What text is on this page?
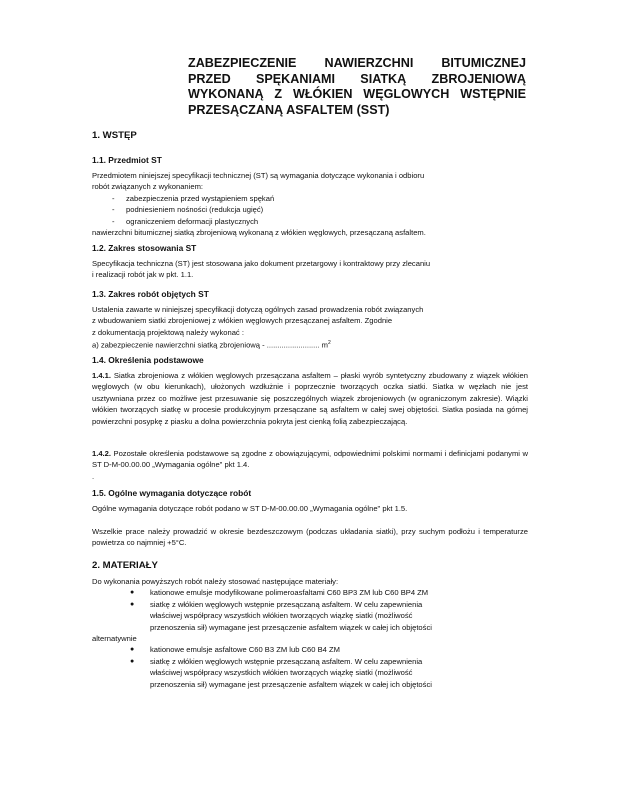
ZABEZPIECZENIE NAWIERZCHNI BITUMICZNEJ
PRZED SPĘKANIAMI SIATKĄ ZBROJENIOWĄ
WYKONANĄ Z WŁÓKIEN WĘGLOWYCH WSTĘPNIE
PRZESĄCZANĄ ASFALTEM (SST)
1. WSTĘP
1.1. Przedmiot ST
Przedmiotem niniejszej specyfikacji technicznej (ST) są wymagania dotyczące wykonania i odbioru
robót związanych z wykonaniem:
- zabezpieczenia przed wystąpieniem spękań
- podniesieniem nośności (redukcja ugięć)
- ograniczeniem deformacji plastycznych
nawierzchni bitumicznej siatką zbrojeniową wykonaną z włókien węglowych, przesączaną asfaltem.
1.2. Zakres stosowania ST
Specyfikacja techniczna (ST) jest stosowana jako dokument przetargowy i kontraktowy przy zlecaniu
i realizacji robót jak w pkt. 1.1.
1.3. Zakres robót objętych ST
Ustalenia zawarte w niniejszej specyfikacji dotyczą ogólnych zasad prowadzenia robót związanych
z wbudowaniem siatki zbrojeniowej z włókien węglowych przesączanej asfaltem. Zgodnie
z dokumentacją projektową należy wykonać :
a) zabezpieczenie nawierzchni siatką zbrojeniową - ......................... $m^2$
1.4. Określenia podstawowe
1.4.1. Siatka zbrojeniowa z włókien węglowych przesączana asfaltem – płaski wyrób syntetyczny zbudowany z wiązek włókien węglowych (w obu kierunkach), ułożonych wzdłużnie i poprzecznie tworzących oczka siatki. Siatka w węzłach nie jest usztywniana przez co możliwe jest przesuwanie się poszczególnych wiązek zbrojeniowych (w ograniczonym zakresie). Wiązki włókien tworzących siatkę w procesie produkcyjnym przesączane są asfaltem w całej swej objętości. Siatka posiada na górnej powierzchni posypkę z piasku a dolna powierzchnia pokryta jest cienką folią zabezpieczającą.
1.4.2. Pozostałe określenia podstawowe są zgodne z obowiązującymi, odpowiednimi polskimi normami i definicjami podanymi w ST D-M-00.00.00 „Wymagania ogólne" pkt 1.4.
.
1.5. Ogólne wymagania dotyczące robót
Ogólne wymagania dotyczące robót podano w ST D-M-00.00.00 „Wymagania ogólne" pkt 1.5.
Wszelkie prace należy prowadzić w okresie bezdeszczowym (podczas układania siatki), przy suchym podłożu i temperaturze powietrza co najmniej +5°C.
2. MATERIAŁY
Do wykonania powyższych robót należy stosować następujące materiały:
● kationowe emulsje modyfikowane polimeroasfaltami C60 BP3 ZM lub C60 BP4 ZM
● siatkę z włókien węglowych wstępnie przesączaną asfaltem. W celu zapewnienia
właściwej współpracy wszystkich włókien tworzących wiązkę siatki (możliwość
przenoszenia sił) wymagane jest przesączenie asfaltem wiązek w całej ich objętości
alternatywnie
● kationowe emulsje asfaltowe C60 B3 ZM lub C60 B4 ZM
● siatkę z włókien węglowych wstępnie przesączaną asfaltem. W celu zapewnienia
właściwej współpracy wszystkich włókien tworzących wiązkę siatki (możliwość
przenoszenia sił) wymagane jest przesączenie asfaltem wiązek w całej ich objętości
